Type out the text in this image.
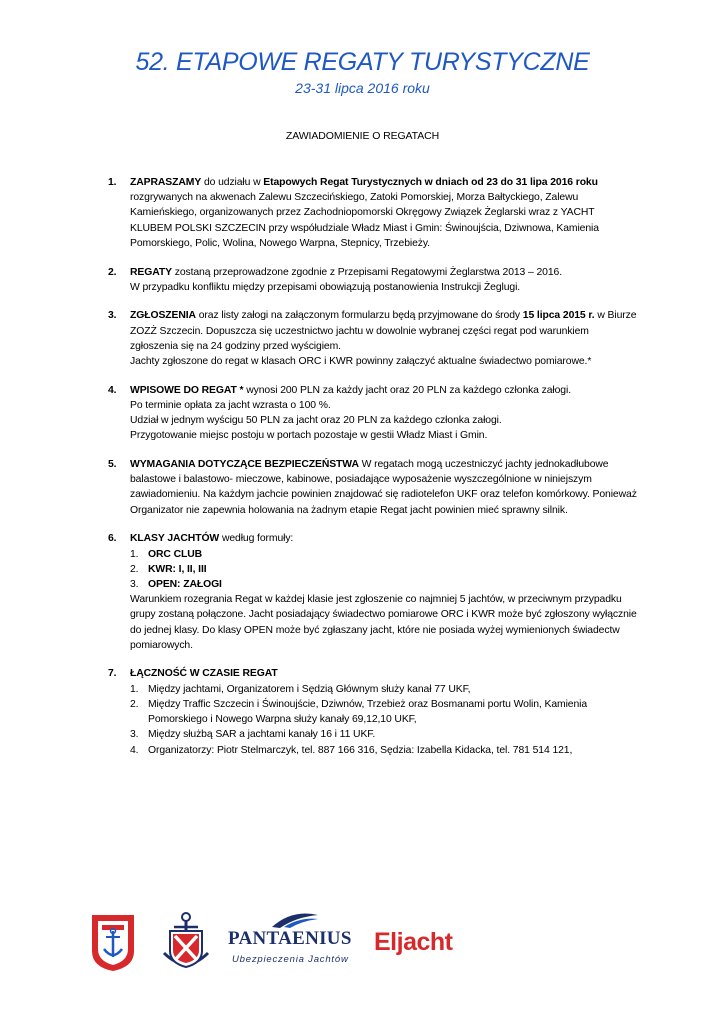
52. ETAPOWE REGATY TURYSTYCZNE
23-31 lipca 2016 roku
ZAWIADOMIENIE O REGATACH
1. ZAPRASZAMY do udziału w Etapowych Regat Turystycznych w dniach od 23 do 31 lipa 2016 roku rozgrywanych na akwenach Zalewu Szczecińskiego, Zatoki Pomorskiej, Morza Bałtyckiego, Zalewu Kamieńskiego, organizowanych przez Zachodniopomorski Okręgowy Związek Żeglarski wraz z YACHT KLUBEM POLSKI SZCZECIN przy współudziale Władz Miast i Gmin: Świnoujścia, Dziwnowa, Kamienia Pomorskiego, Polic, Wolina, Nowego Warpna, Stepnicy, Trzebieży.

2. REGATY zostaną przeprowadzone zgodnie z Przepisami Regatowymi Żeglarstwa 2013 – 2016.

W przypadku konfliktu między przepisami obowiązują postanowienia Instrukcji Żeglugi.

3. ZGŁOSZENIA oraz listy załogi na załączonym formularzu będą przyjmowane do środy 15 lipca 2015 r. w Biurze ZOZŻ Szczecin. Dopuszcza się uczestnictwo jachtu w dowolnie wybranej części regat pod warunkiem zgłoszenia się na 24 godziny przed wyścigiem.

Jachty zgłoszone do regat w klasach ORC i KWR powinny załączyć aktualne świadectwo pomiarowe.*

4. WPISOWE DO REGAT * wynosi 200 PLN za każdy jacht oraz 20 PLN za każdego członka załogi.

Po terminie opłata za jacht wzrasta o 100 %.

Udział w jednym wyścigu 50 PLN za jacht oraz 20 PLN za każdego członka załogi.

Przygotowanie miejsc postoju w portach pozostaje w gestii Władz Miast i Gmin.

5. WYMAGANIA DOTYCZĄCE BEZPIECZEŃSTWA W regatach mogą uczestniczyć jachty jednokadłubowe balastowe i balastowo- mieczowe, kabinowe, posiadające wyposażenie wyszczególnione w niniejszym zawiadomieniu. Na każdym jachcie powinien znajdować się radiotelefon UKF oraz telefon komórkowy. Ponieważ Organizator nie zapewnia holowania na żadnym etapie Regat jacht powinien mieć sprawny silnik.

6. KLASY JACHTÓW według formuły:

1. ORC CLUB
2. KWR: I, II, III
3. OPEN: ZAŁOGI

Warunkiem rozegrania Regat w każdej klasie jest zgłoszenie co najmniej 5 jachtów, w przeciwnym przypadku grupy zostaną połączone. Jacht posiadający świadectwo pomiarowe ORC i KWR może być zgłoszony wyłącznie do jednej klasy. Do klasy OPEN może być zgłaszany jacht, które nie posiada wyżej wymienionych świadectw pomiarowych.

7. ŁĄCZNOŚĆ W CZASIE REGAT

1. Między jachtami, Organizatorem i Sędzią Głównym służy kanał 77 UKF,
2. Między Traffic Szczecin i Świnoujście, Dziwnów, Trzebież oraz Bosmanami portu Wolin, Kamienia Pomorskiego i Nowego Warpna służy kanały 69,12,10 UKF,
3. Między służbą SAR a jachtami kanały 16 i 11 UKF.
4. Organizatorzy: Piotr Stelmarczyk, tel. 887 166 316, Sędzia: Izabella Kidacka, tel. 781 514 121,
PANTAENIUS
Ubezpieczenia Jachtów
Eljacht
